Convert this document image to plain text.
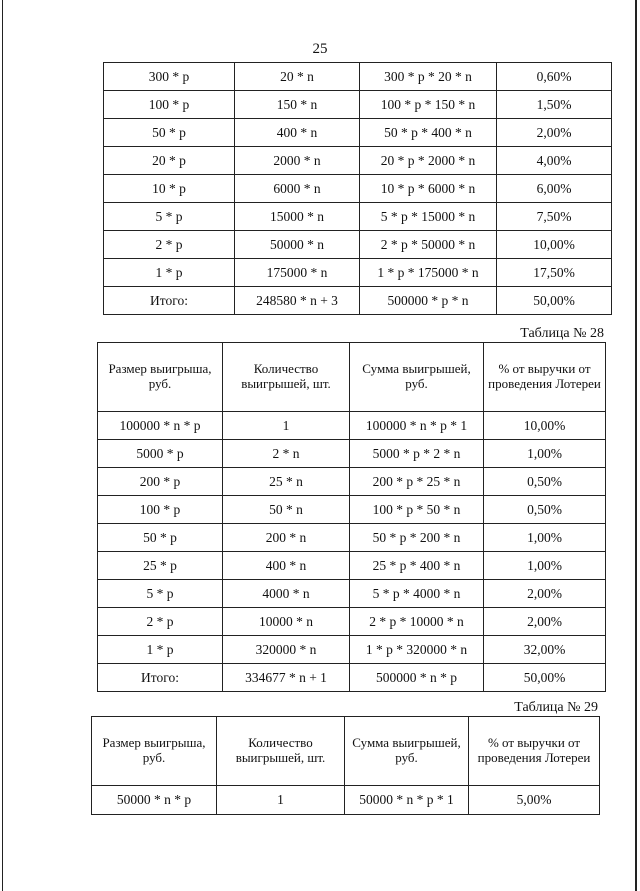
25
300 * р	20 * n	300 * р * 20 * n	0,60%
100 * р	150 * n	100 * р * 150 * n	1,50%
50 * р	400 * n	50 * р * 400 * n	2,00%
20 * р	2000 * n	20 * р * 2000 * n	4,00%
10 * р	6000 * n	10 * р * 6000 * n	6,00%
5 * р	15000 * n	5 * р * 15000 * n	7,50%
2 * р	50000 * n	2 * р * 50000 * n	10,00%
1 * р	175000 * n	1 * р * 175000 * n	17,50%
Итого:	248580 * n + 3	500000 * р * n	50,00%
Таблица № 28
Размер выигрыша, руб.	Количество выигрышей, шт.	Сумма выигрышей, руб.	% от выручки от проведения Лотереи
100000 * n * р	1	100000 * n * р * 1	10,00%
5000 * р	2 * n	5000 * р * 2 * n	1,00%
200 * р	25 * n	200 * р * 25 * n	0,50%
100 * р	50 * n	100 * р * 50 * n	0,50%
50 * р	200 * n	50 * р * 200 * n	1,00%
25 * р	400 * n	25 * р * 400 * n	1,00%
5 * р	4000 * n	5 * р * 4000 * n	2,00%
2 * р	10000 * n	2 * р * 10000 * n	2,00%
1 * р	320000 * n	1 * р * 320000 * n	32,00%
Итого:	334677 * n + 1	500000 * n * р	50,00%
Таблица № 29
Размер выигрыша, руб.	Количество выигрышей, шт.	Сумма выигрышей, руб.	% от выручки от проведения Лотереи
50000 * n * р	1	50000 * n * р * 1	5,00%
